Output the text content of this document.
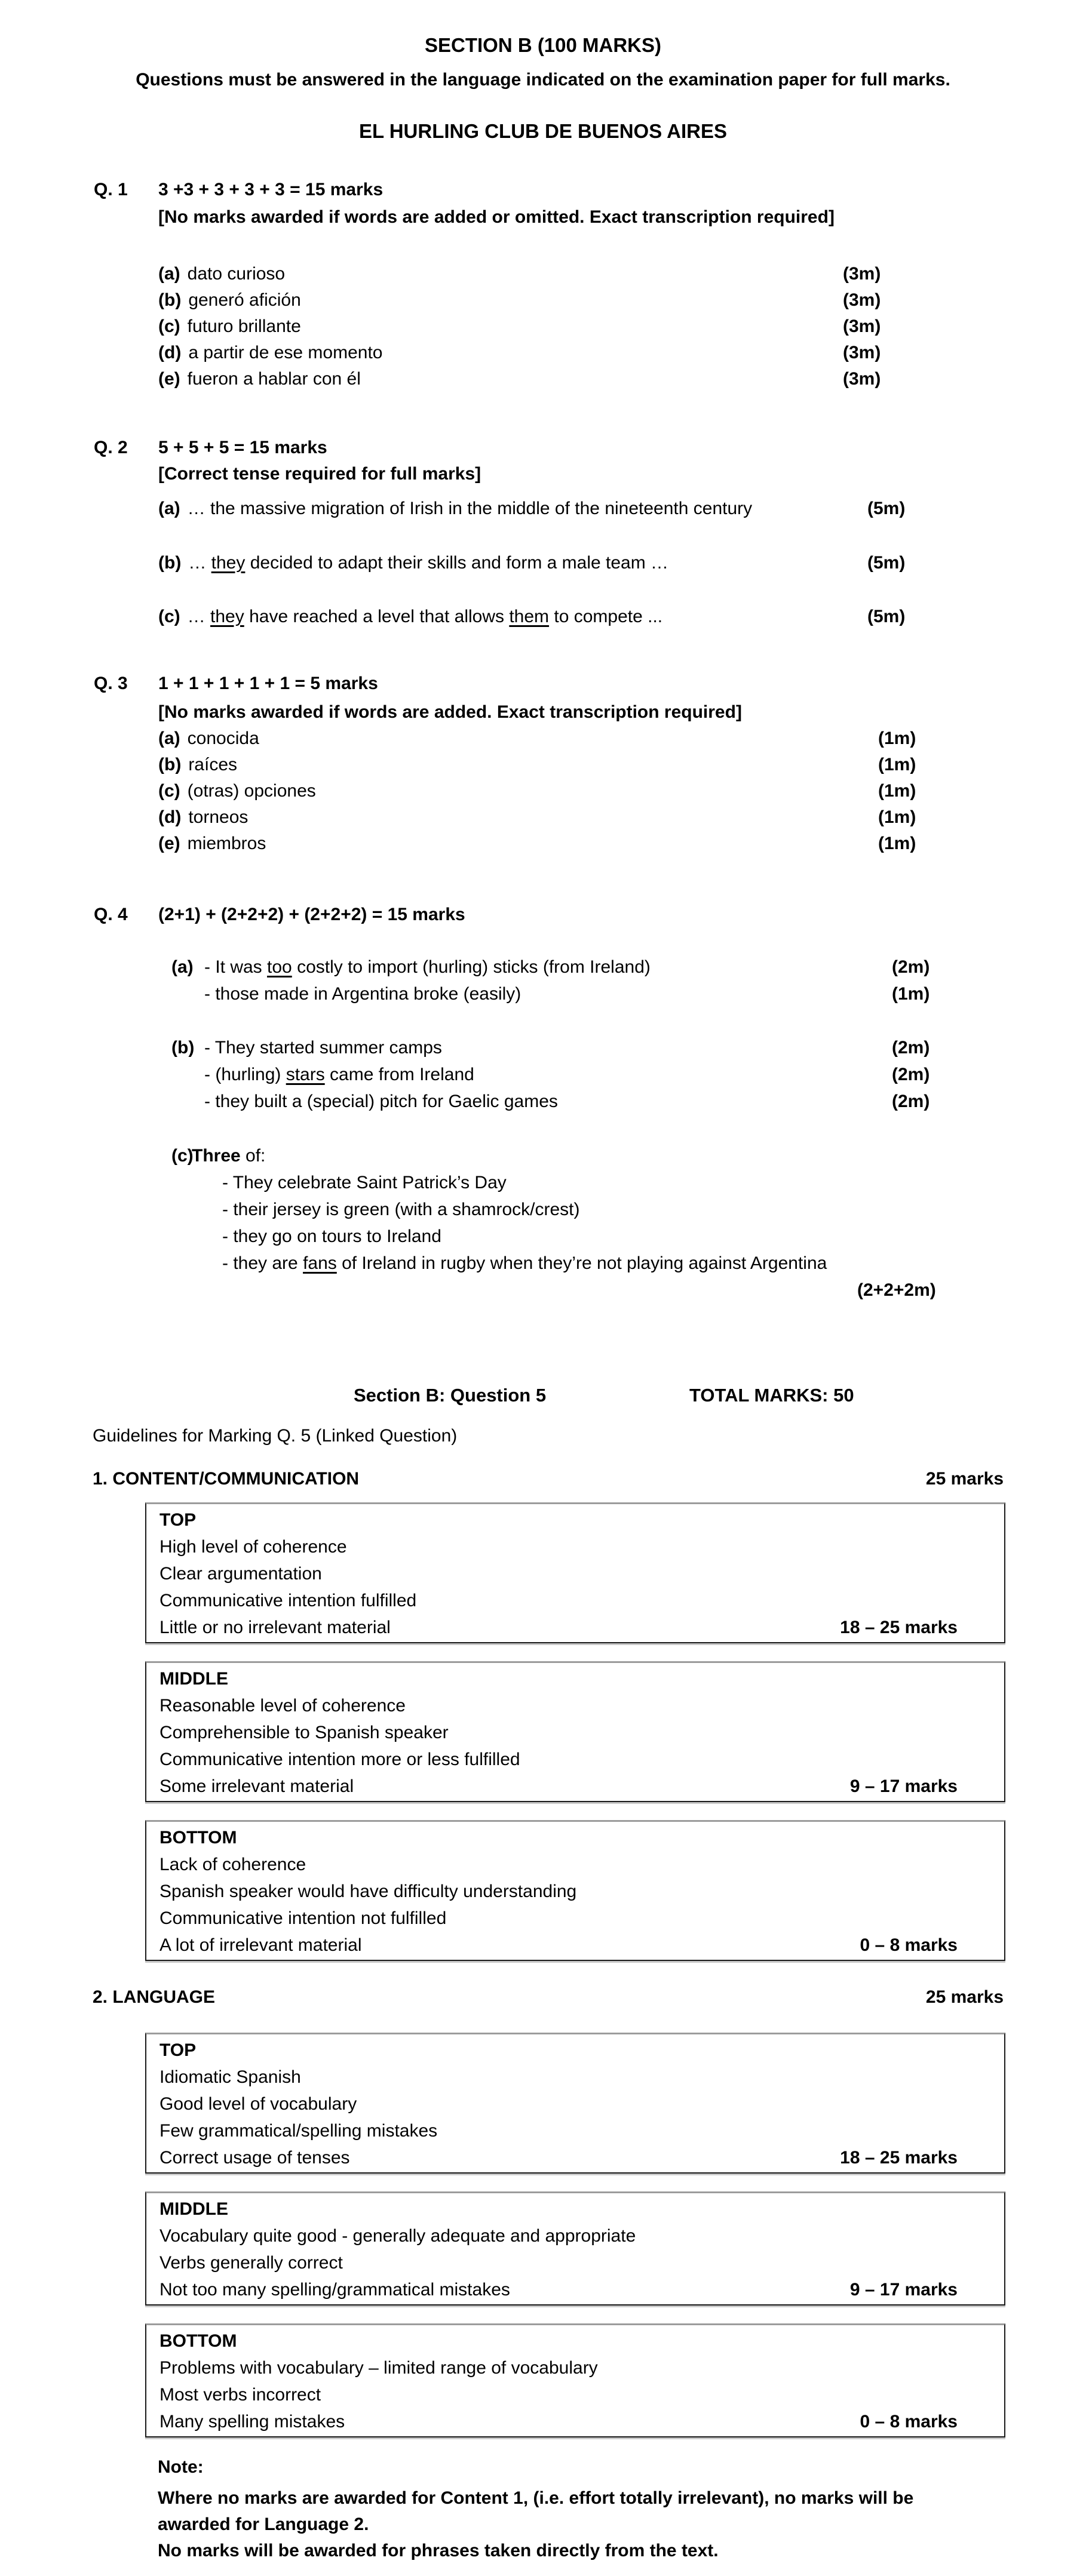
SECTION B (100 MARKS)
Questions must be answered in the language indicated on the examination paper for full marks.
EL HURLING CLUB DE BUENOS AIRES
Q. 1	3 +3 + 3 + 3 + 3 = 15 marks
[No marks awarded if words are added or omitted. Exact transcription required]
(a) dato curioso	(3m)
(b) generó afición	(3m)
(c) futuro brillante	(3m)
(d) a partir de ese momento	(3m)
(e) fueron a hablar con él	(3m)
Q. 2	5 + 5 + 5 = 15 marks
[Correct tense required for full marks]
(a) … the massive migration of Irish in the middle of the nineteenth century	(5m)
(b) … they decided to adapt their skills and form a male team …	(5m)
(c) … they have reached a level that allows them to compete ...	(5m)
Q. 3	1 + 1 + 1 + 1 + 1 = 5 marks
[No marks awarded if words are added. Exact transcription required]
(a) conocida	(1m)
(b) raíces	(1m)
(c) (otras) opciones	(1m)
(d) torneos	(1m)
(e) miembros	(1m)
Q. 4	(2+1) + (2+2+2) + (2+2+2) = 15 marks
(a) - It was too costly to import (hurling) sticks (from Ireland)	(2m)
- those made in Argentina broke (easily)	(1m)
(b) - They started summer camps	(2m)
- (hurling) stars came from Ireland	(2m)
- they built a (special) pitch for Gaelic games	(2m)
(c)
Three of:
- They celebrate Saint Patrick’s Day
- their jersey is green (with a shamrock/crest)
- they go on tours to Ireland
- they are fans of Ireland in rugby when they’re not playing against Argentina
(2+2+2m)
Section B: Question 5	TOTAL MARKS: 50
Guidelines for Marking Q. 5 (Linked Question)
1. CONTENT/COMMUNICATION	25 marks
TOP
High level of coherence
Clear argumentation
Communicative intention fulfilled
Little or no irrelevant material	18 – 25 marks
MIDDLE
Reasonable level of coherence
Comprehensible to Spanish speaker
Communicative intention more or less fulfilled
Some irrelevant material	9 – 17 marks
BOTTOM
Lack of coherence
Spanish speaker would have difficulty understanding
Communicative intention not fulfilled
A lot of irrelevant material	0 – 8 marks
2. LANGUAGE	25 marks
TOP
Idiomatic Spanish
Good level of vocabulary
Few grammatical/spelling mistakes
Correct usage of tenses	18 – 25 marks
MIDDLE
Vocabulary quite good - generally adequate and appropriate
Verbs generally correct
Not too many spelling/grammatical mistakes	9 – 17 marks
BOTTOM
Problems with vocabulary – limited range of vocabulary
Most verbs incorrect
Many spelling mistakes	0 – 8 marks
Note:
Where no marks are awarded for Content 1, (i.e. effort totally irrelevant), no marks will be
awarded for Language 2.
No marks will be awarded for phrases taken directly from the text.
